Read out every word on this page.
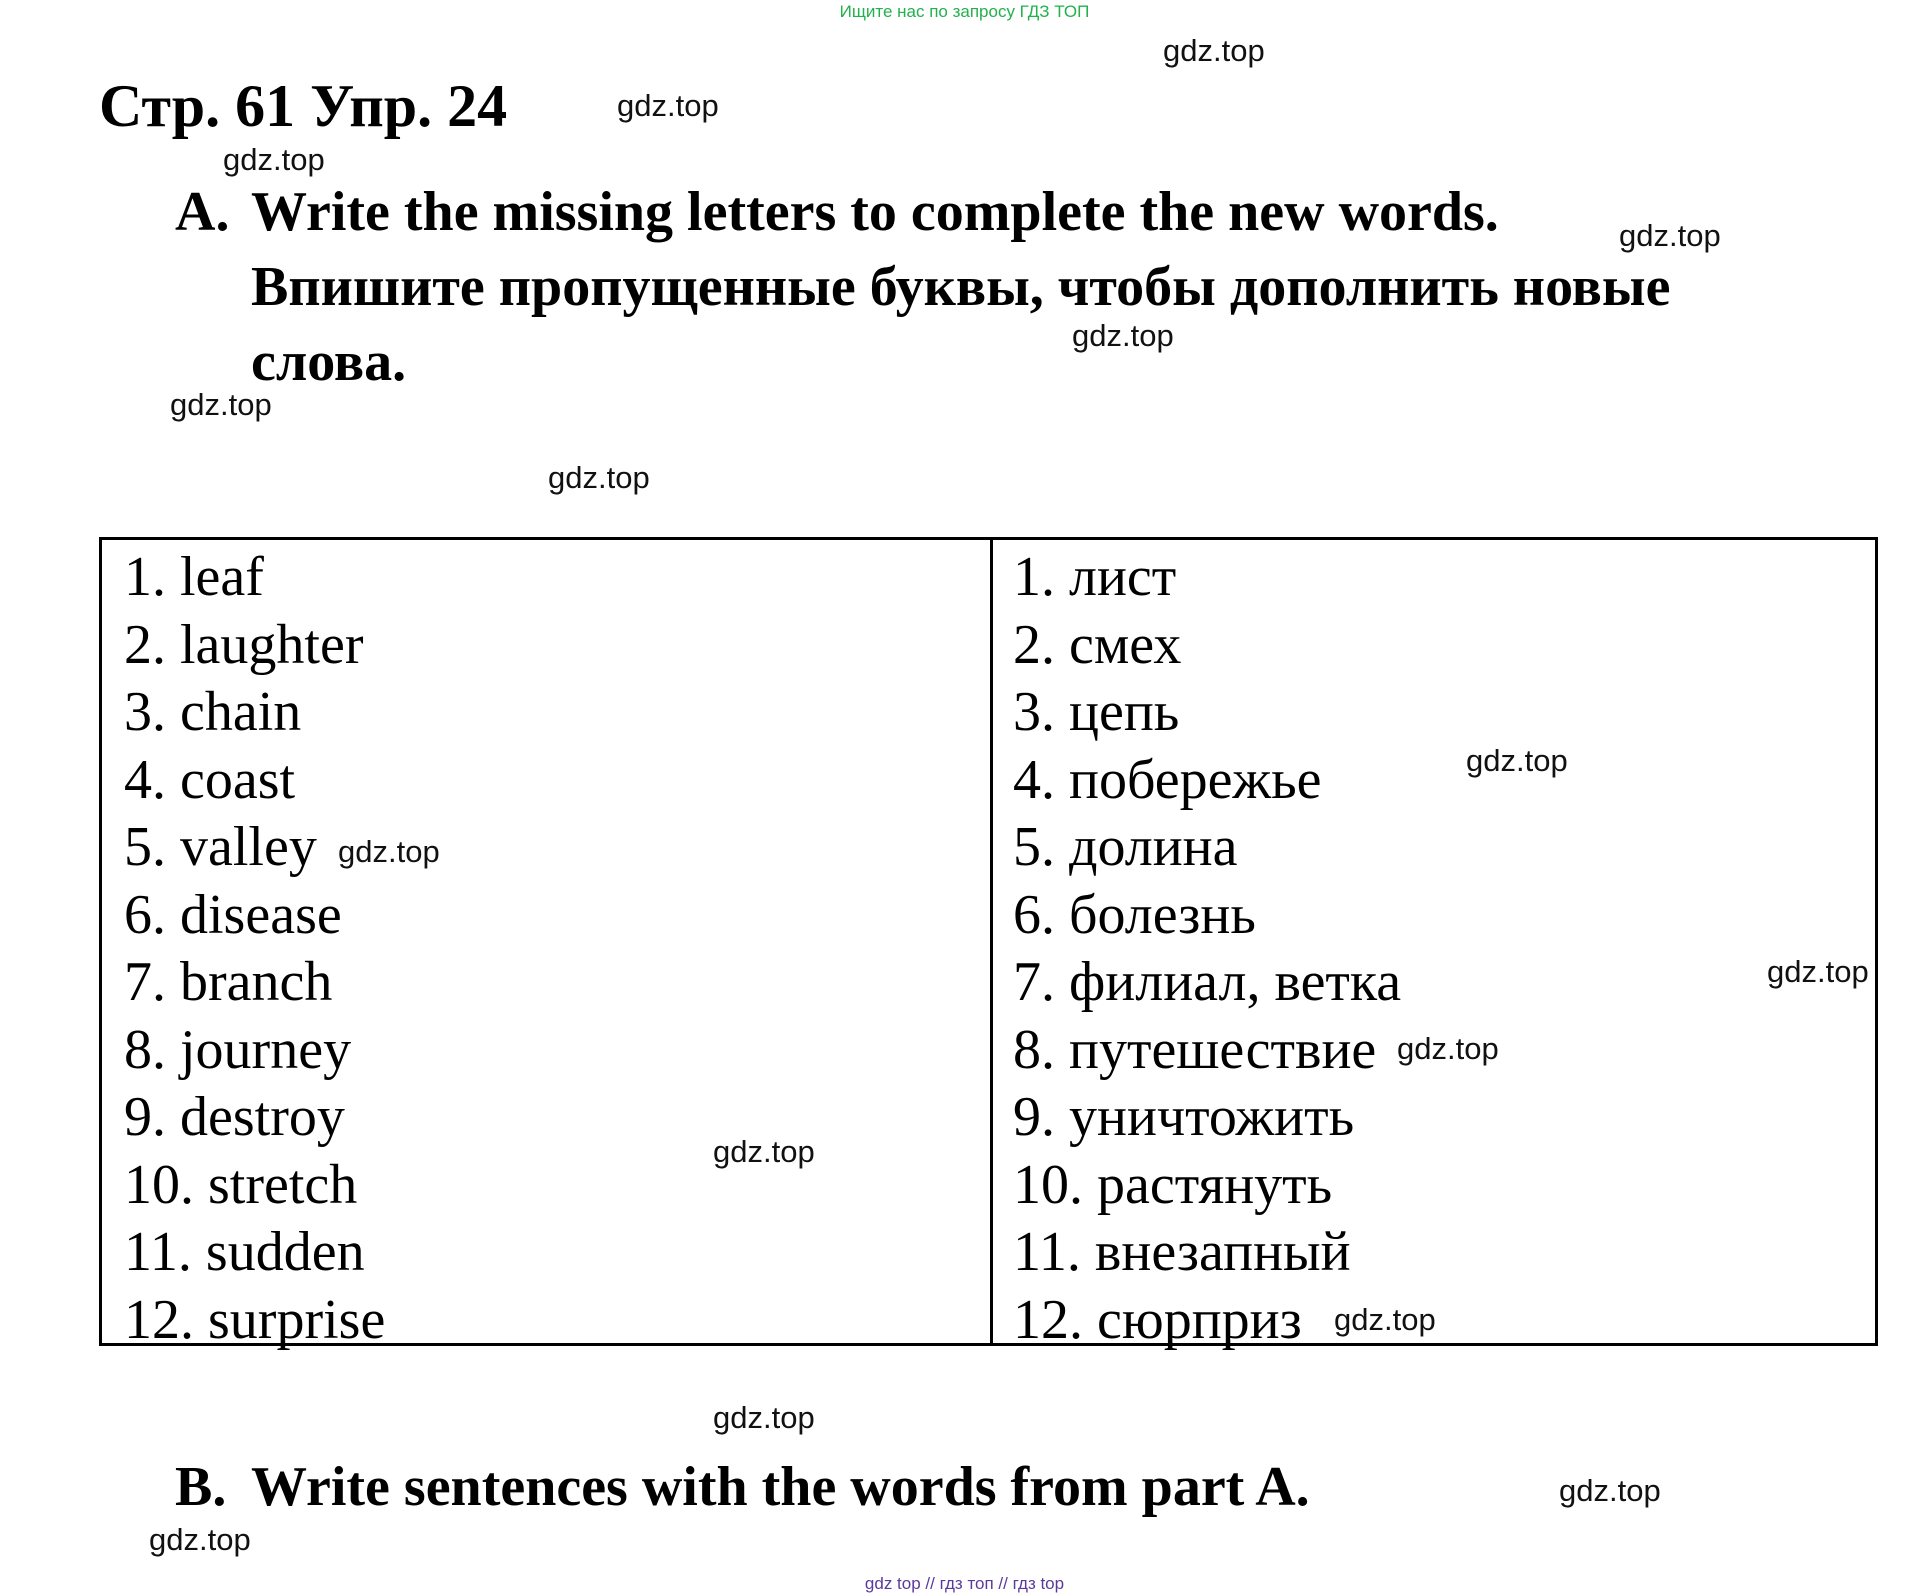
Ищите нас по запросу ГДЗ ТОП
Стр. 61 Упр. 24
A. Write the missing letters to complete the new words.
Впишите пропущенные буквы, чтобы дополнить новые
слова.
1. leaf
2. laughter
3. chain
4. coast
5. valley
6. disease
7. branch
8. journey
9. destroy
10. stretch
11. sudden
12. surprise
1. лист
2. смех
3. цепь
4. побережье
5. долина
6. болезнь
7. филиал, ветка
8. путешествие
9. уничтожить
10. растянуть
11. внезапный
12. сюрприз
B. Write sentences with the words from part A.
gdz.top
gdz.top
gdz.top
gdz.top
gdz.top
gdz.top
gdz.top
gdz.top
gdz.top
gdz.top
gdz.top
gdz.top
gdz.top
gdz.top
gdz.top
gdz.top
gdz top // гдз топ // гдз top
